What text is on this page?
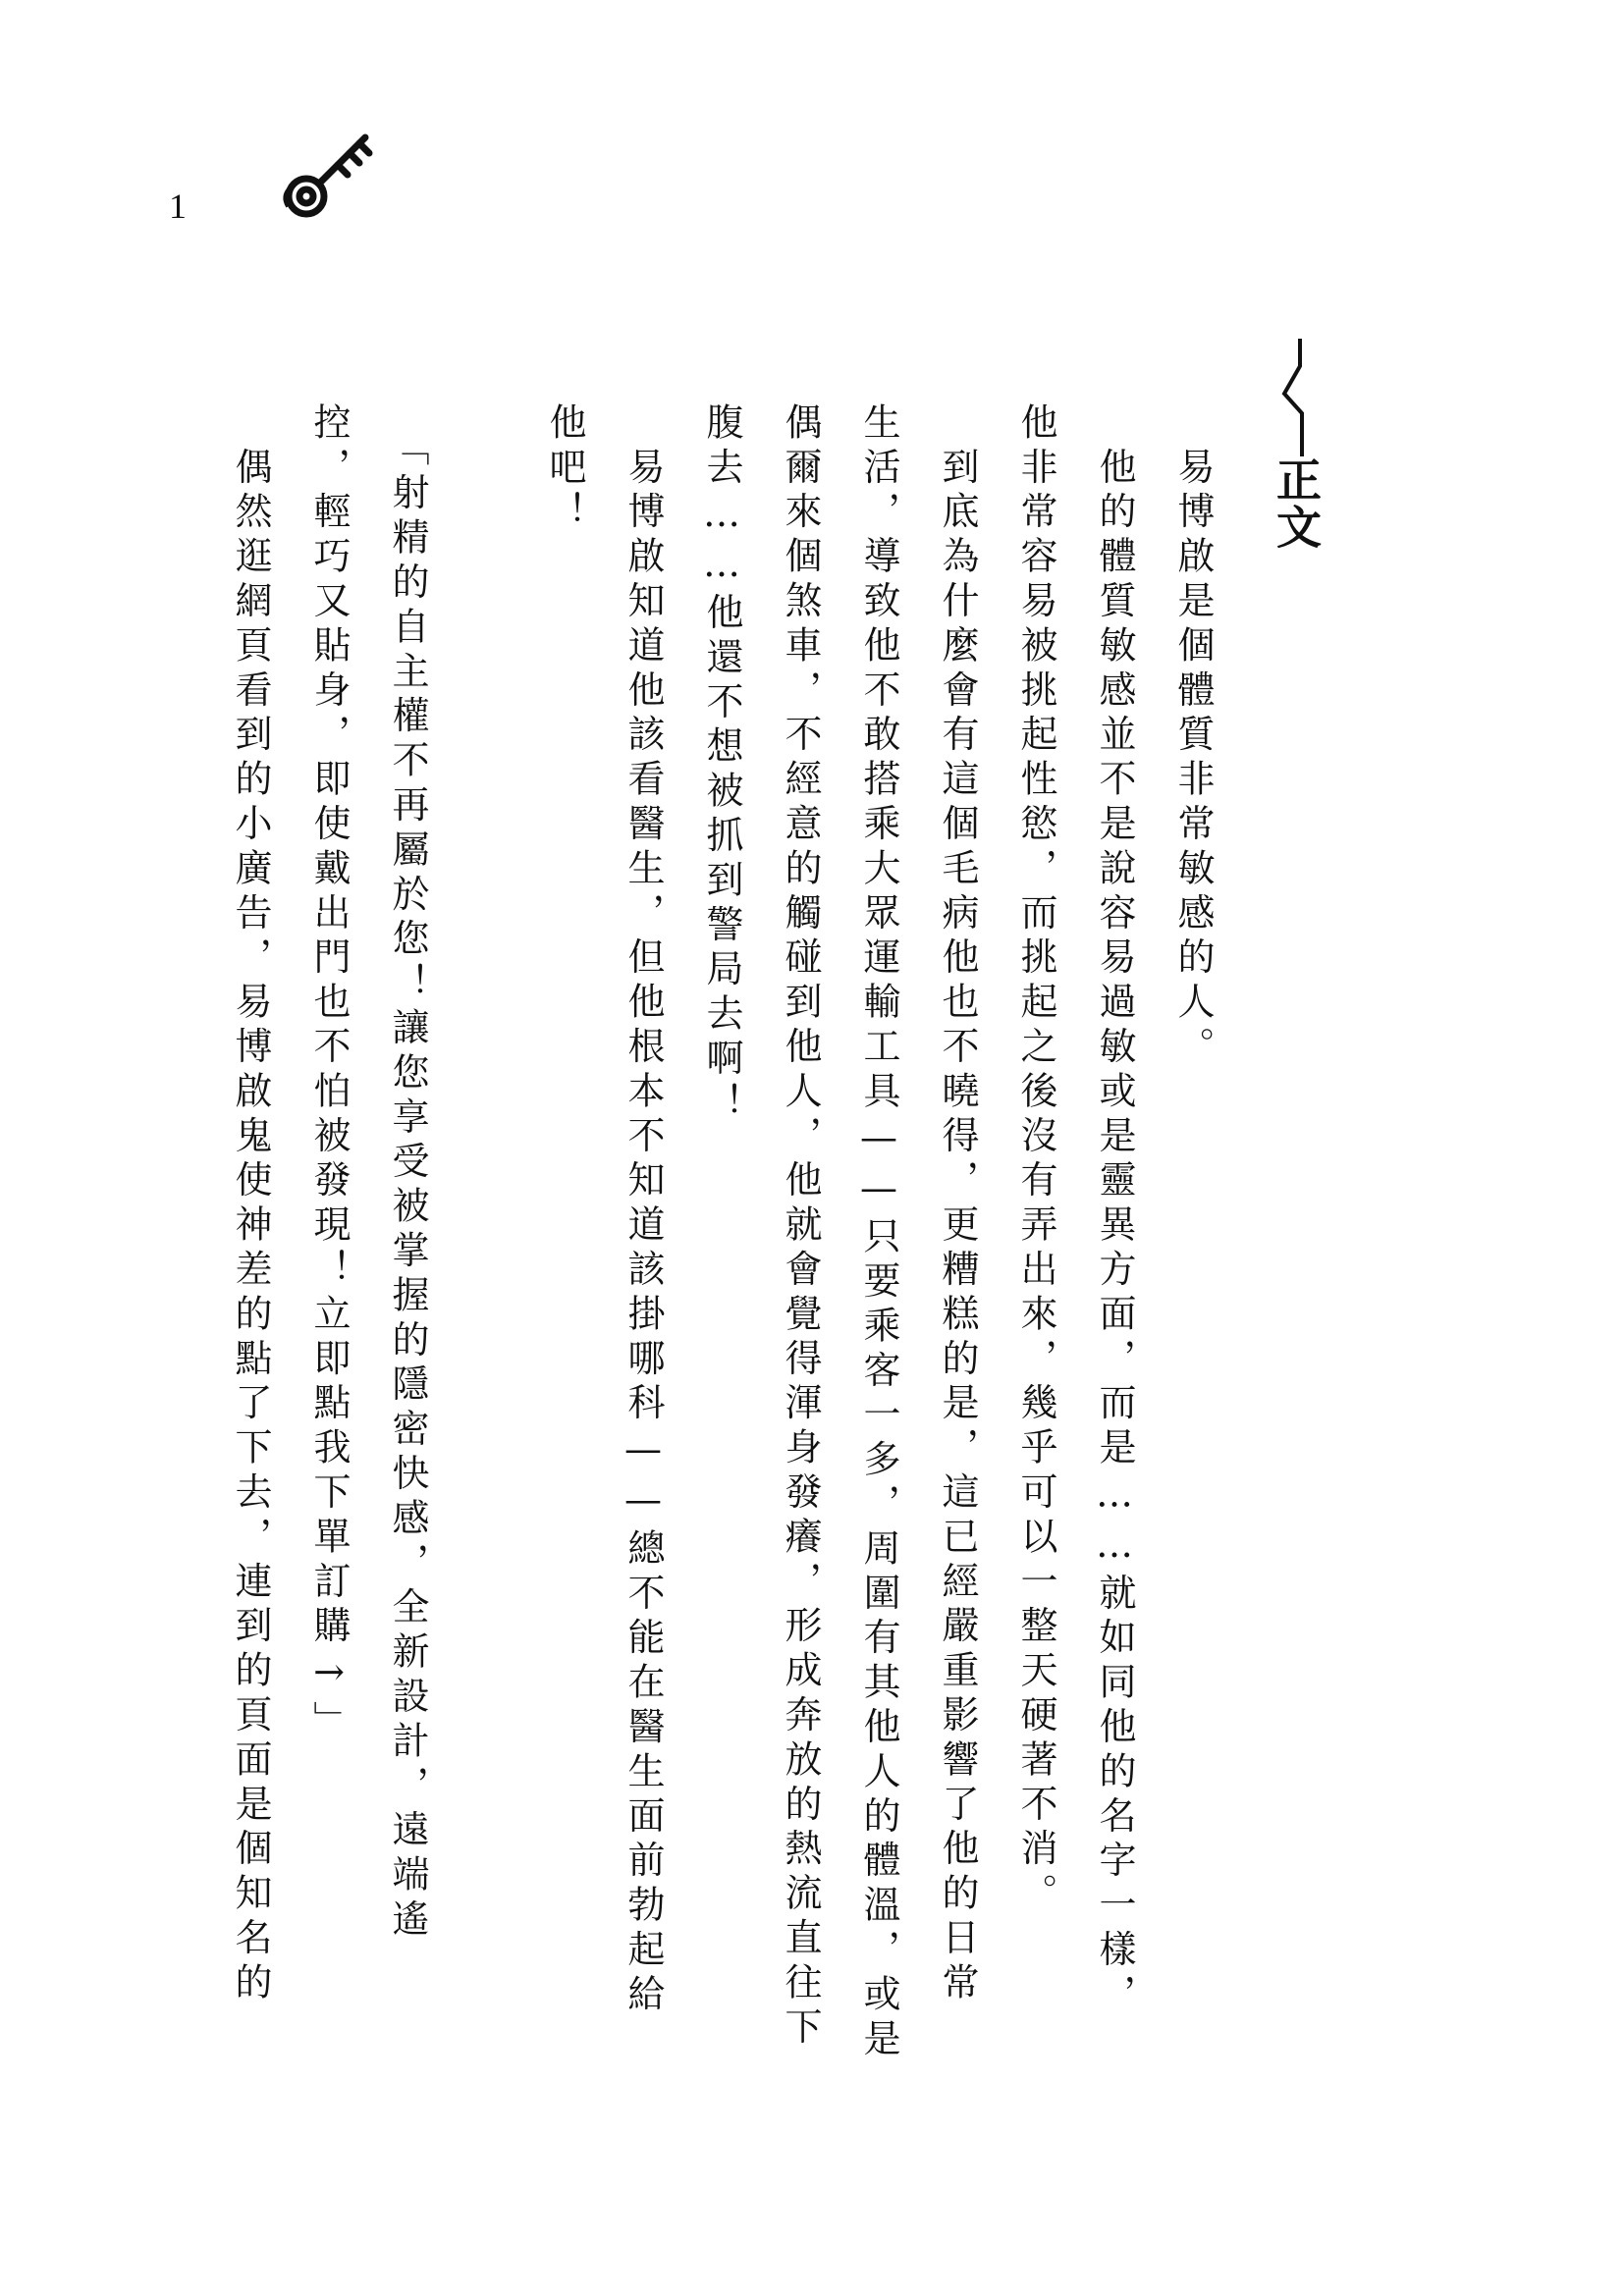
1
正文
　易博啟是個體質非常敏感的人。
　他的體質敏感並不是說容易過敏或是靈異方面，而是……就如同他的名字一樣，
他非常容易被挑起性慾，而挑起之後沒有弄出來，幾乎可以一整天硬著不消。
　到底為什麼會有這個毛病他也不曉得，更糟糕的是，這已經嚴重影響了他的日常
生活，導致他不敢搭乘大眾運輸工具——只要乘客一多，周圍有其他人的體溫，或是
偶爾來個煞車，不經意的觸碰到他人，他就會覺得渾身發癢，形成奔放的熱流直往下
腹去……他還不想被抓到警局去啊！
　易博啟知道他該看醫生，但他根本不知道該掛哪科——總不能在醫生面前勃起給
他吧！
　「射精的自主權不再屬於您！讓您享受被掌握的隱密快感，全新設計，遠端遙
控，輕巧又貼身，即使戴出門也不怕被發現！立即點我下單訂購→」
　偶然逛網頁看到的小廣告，易博啟鬼使神差的點了下去，連到的頁面是個知名的
